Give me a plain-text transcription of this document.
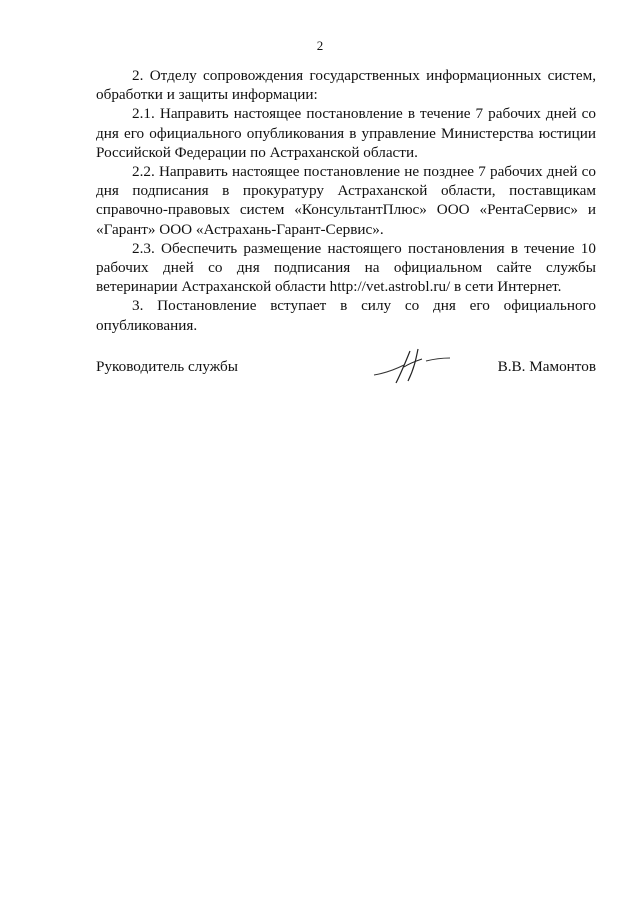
2

2. Отделу сопровождения государственных информационных систем, обработки и защиты информации:

2.1. Направить настоящее постановление в течение 7 рабочих дней со дня его официального опубликования в управление Министерства юстиции Российской Федерации по Астраханской области.

2.2. Направить настоящее постановление не позднее 7 рабочих дней со дня подписания в прокуратуру Астраханской области, поставщикам справочно-правовых систем «КонсультантПлюс» ООО «РентаСервис» и «Гарант» ООО «Астрахань-Гарант-Сервис».

2.3. Обеспечить размещение настоящего постановления в течение 10 рабочих дней со дня подписания на официальном сайте службы ветеринарии Астраханской области http://vet.astrobl.ru/ в сети Интернет.

3. Постановление вступает в силу со дня его официального опубликования.

Руководитель службы	В.В. Мамонтов
